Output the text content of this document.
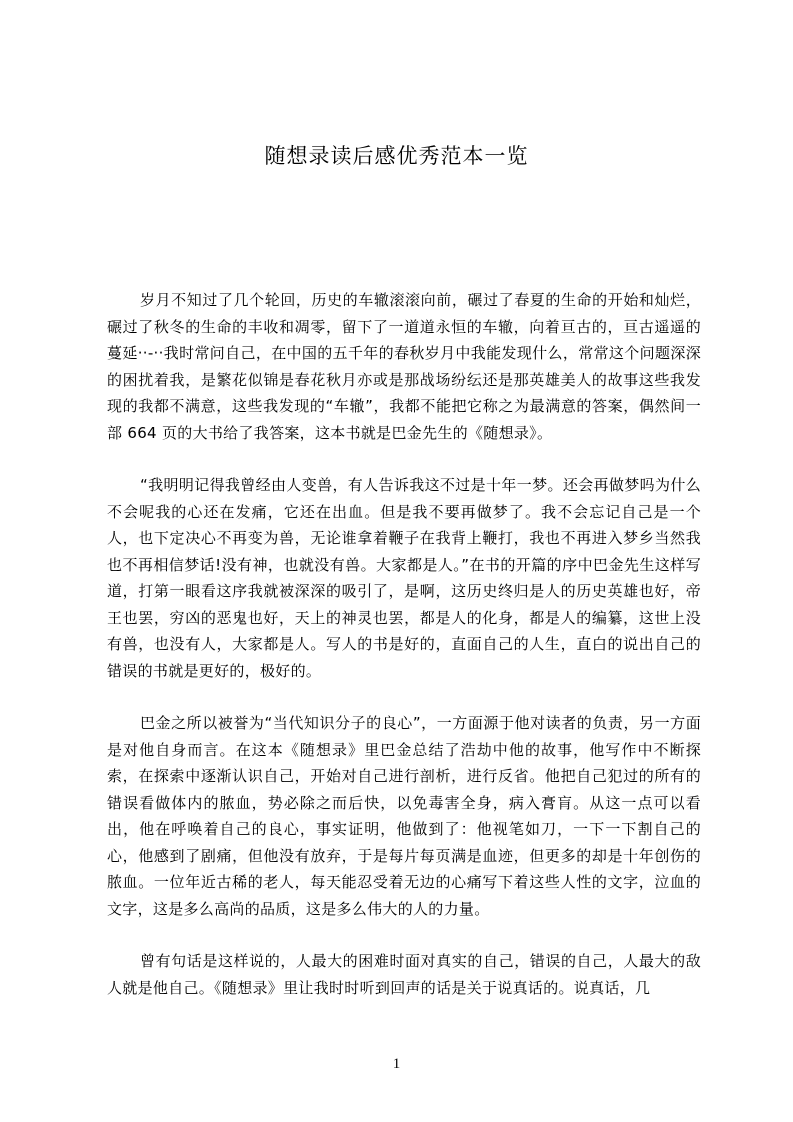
随想录读后感优秀范本一览

岁月不知过了几个轮回，历史的车辙滚滚向前，碾过了春夏的生命的开始和灿烂，碾过了秋冬的生命的丰收和凋零，留下了一道道永恒的车辙，向着亘古的，亘古遥遥的蔓延··-··我时常问自己，在中国的五千年的春秋岁月中我能发现什么，常常这个问题深深的困扰着我，是繁花似锦是春花秋月亦或是那战场纷纭还是那英雄美人的故事这些我发现的我都不满意，这些我发现的“车辙”，我都不能把它称之为最满意的答案，偶然间一部 664 页的大书给了我答案，这本书就是巴金先生的《随想录》。

“我明明记得我曾经由人变兽，有人告诉我这不过是十年一梦。还会再做梦吗为什么不会呢我的心还在发痛，它还在出血。但是我不要再做梦了。我不会忘记自己是一个人，也下定决心不再变为兽，无论谁拿着鞭子在我背上鞭打，我也不再进入梦乡当然我也不再相信梦话!没有神，也就没有兽。大家都是人。”在书的开篇的序中巴金先生这样写道，打第一眼看这序我就被深深的吸引了，是啊，这历史终归是人的历史英雄也好，帝王也罢，穷凶的恶鬼也好，天上的神灵也罢，都是人的化身，都是人的编纂，这世上没有兽，也没有人，大家都是人。写人的书是好的，直面自己的人生，直白的说出自己的错误的书就是更好的，极好的。

巴金之所以被誉为“当代知识分子的良心”，一方面源于他对读者的负责，另一方面是对他自身而言。在这本《随想录》里巴金总结了浩劫中他的故事，他写作中不断探索，在探索中逐渐认识自己，开始对自己进行剖析，进行反省。他把自己犯过的所有的错误看做体内的脓血，势必除之而后快，以免毒害全身，病入膏肓。从这一点可以看出，他在呼唤着自己的良心，事实证明，他做到了：他视笔如刀，一下一下割自己的心，他感到了剧痛，但他没有放弃，于是每片每页满是血迹，但更多的却是十年创伤的脓血。一位年近古稀的老人，每天能忍受着无边的心痛写下着这些人性的文字，泣血的文字，这是多么高尚的品质，这是多么伟大的人的力量。

曾有句话是这样说的，人最大的困难时面对真实的自己，错误的自己，人最大的敌人就是他自己。《随想录》里让我时时听到回声的话是关于说真话的。说真话，几

1
